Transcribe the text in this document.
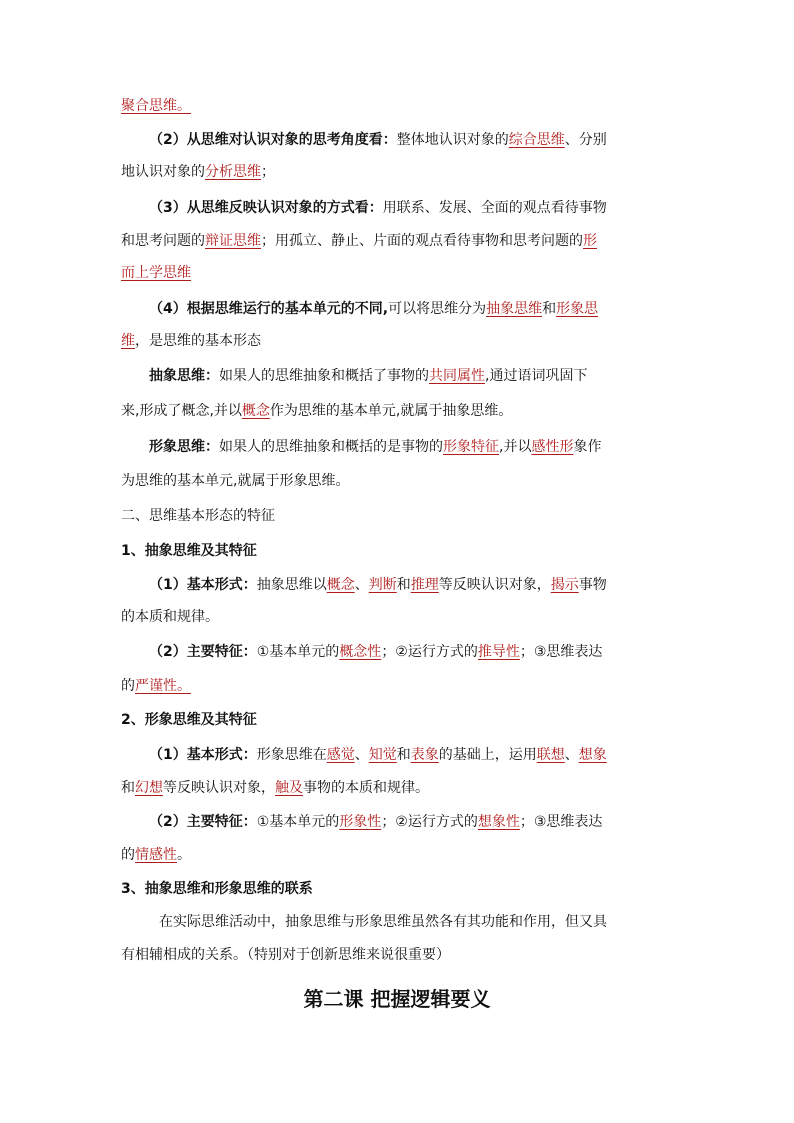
聚合思维。
（2）从思维对认识对象的思考角度看：整体地认识对象的综合思维、分别
地认识对象的分析思维；
（3）从思维反映认识对象的方式看：用联系、发展、全面的观点看待事物
和思考问题的辩证思维；用孤立、静止、片面的观点看待事物和思考问题的形
而上学思维
（4）根据思维运行的基本单元的不同,可以将思维分为抽象思维和形象思
维，是思维的基本形态
抽象思维：如果人的思维抽象和概括了事物的共同属性,通过语词巩固下
来,形成了概念,并以概念作为思维的基本单元,就属于抽象思维。
形象思维：如果人的思维抽象和概括的是事物的形象特征,并以感性形象作
为思维的基本单元,就属于形象思维。
二、思维基本形态的特征
1、抽象思维及其特征
（1）基本形式：抽象思维以概念、判断和推理等反映认识对象，揭示事物
的本质和规律。
（2）主要特征：①基本单元的概念性；②运行方式的推导性；③思维表达
的严谨性。
2、形象思维及其特征
（1）基本形式：形象思维在感觉、知觉和表象的基础上，运用联想、想象
和幻想等反映认识对象，触及事物的本质和规律。
（2）主要特征：①基本单元的形象性；②运行方式的想象性；③思维表达
的情感性。
3、抽象思维和形象思维的联系
在实际思维活动中，抽象思维与形象思维虽然各有其功能和作用，但又具
有相辅相成的关系。（特别对于创新思维来说很重要）
第二课 把握逻辑要义
